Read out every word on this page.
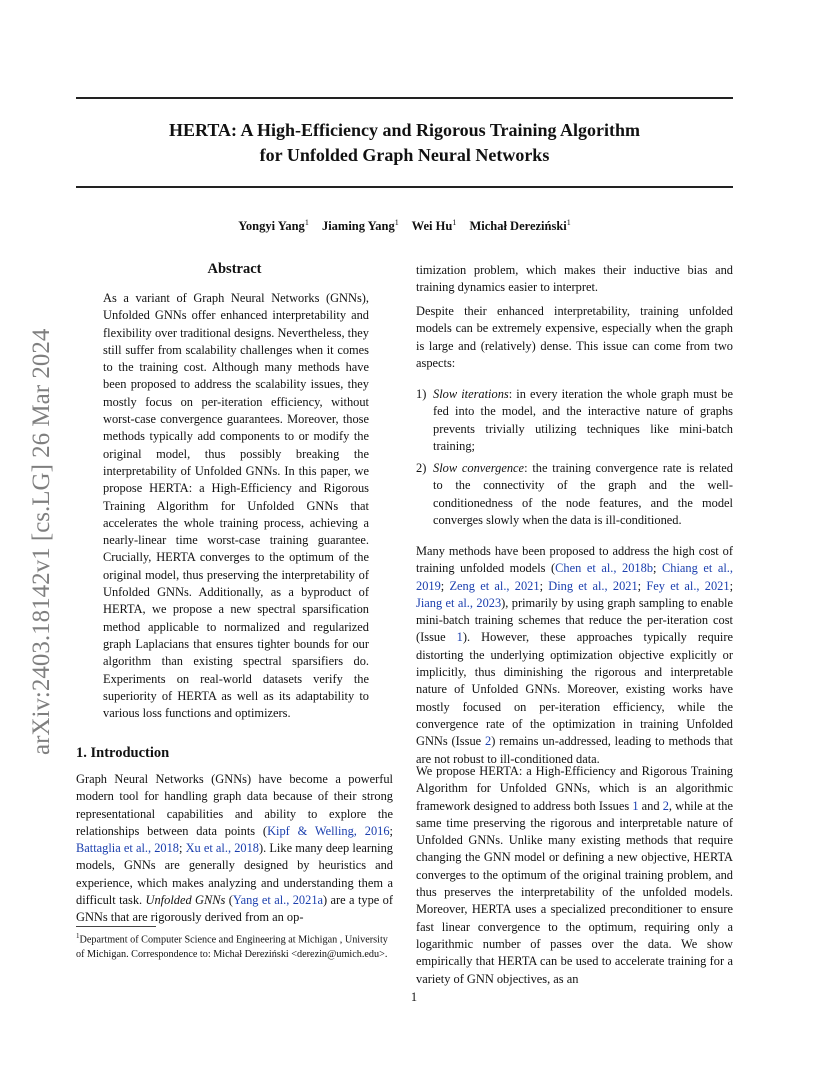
HERTA: A High-Efficiency and Rigorous Training Algorithm
for Unfolded Graph Neural Networks
Yongyi Yang$^1$ Jiaming Yang$^1$ Wei Hu$^1$ Michał Dereziński$^1$
arXiv:2403.18142v1 [cs.LG] 26 Mar 2024
Abstract

As a variant of Graph Neural Networks (GNNs), Unfolded GNNs offer enhanced interpretability and flexibility over traditional designs. Nevertheless, they still suffer from scalability challenges when it comes to the training cost. Although many methods have been proposed to address the scalability issues, they mostly focus on per-iteration efficiency, without worst-case convergence guarantees. Moreover, those methods typically add components to or modify the original model, thus possibly breaking the interpretability of Unfolded GNNs. In this paper, we propose HERTA: a High-Efficiency and Rigorous Training Algorithm for Unfolded GNNs that accelerates the whole training process, achieving a nearly-linear time worst-case training guarantee. Crucially, HERTA converges to the optimum of the original model, thus preserving the interpretability of Unfolded GNNs. Additionally, as a byproduct of HERTA, we propose a new spectral sparsification method applicable to normalized and regularized graph Laplacians that ensures tighter bounds for our algorithm than existing spectral sparsifiers do. Experiments on real-world datasets verify the superiority of HERTA as well as its adaptability to various loss functions and optimizers.

1. Introduction

Graph Neural Networks (GNNs) have become a powerful modern tool for handling graph data because of their strong representational capabilities and ability to explore the relationships between data points (Kipf & Welling, 2016; Battaglia et al., 2018; Xu et al., 2018). Like many deep learning models, GNNs are generally designed by heuristics and experience, which makes analyzing and understanding them a difficult task. Unfolded GNNs (Yang et al., 2021a) are a type of GNNs that are rigorously derived from an op-

$^1$Department of Computer Science and Engineering at Michigan , University of Michigan. Correspondence to: Michał Dereziński <derezin@umich.edu>.

timization problem, which makes their inductive bias and training dynamics easier to interpret.

Despite their enhanced interpretability, training unfolded models can be extremely expensive, especially when the graph is large and (relatively) dense. This issue can come from two aspects:

1) Slow iterations: in every iteration the whole graph must be fed into the model, and the interactive nature of graphs prevents trivially utilizing techniques like mini-batch training;
2) Slow convergence: the training convergence rate is related to the connectivity of the graph and the well-conditionedness of the node features, and the model converges slowly when the data is ill-conditioned.

Many methods have been proposed to address the high cost of training unfolded models (Chen et al., 2018b; Chiang et al., 2019; Zeng et al., 2021; Ding et al., 2021; Fey et al., 2021; Jiang et al., 2023), primarily by using graph sampling to enable mini-batch training schemes that reduce the per-iteration cost (Issue 1). However, these approaches typically require distorting the underlying optimization objective explicitly or implicitly, thus diminishing the rigorous and interpretable nature of Unfolded GNNs. Moreover, existing works have mostly focused on per-iteration efficiency, while the convergence rate of the optimization in training Unfolded GNNs (Issue 2) remains un-addressed, leading to methods that are not robust to ill-conditioned data.

We propose HERTA: a High-Efficiency and Rigorous Training Algorithm for Unfolded GNNs, which is an algorithmic framework designed to address both Issues 1 and 2, while at the same time preserving the rigorous and interpretable nature of Unfolded GNNs. Unlike many existing methods that require changing the GNN model or defining a new objective, HERTA converges to the optimum of the original training problem, and thus preserves the interpretability of the unfolded models. Moreover, HERTA uses a specialized preconditioner to ensure fast linear convergence to the optimum, requiring only a logarithmic number of passes over the data. We show empirically that HERTA can be used to accelerate training for a variety of GNN objectives, as an

1
